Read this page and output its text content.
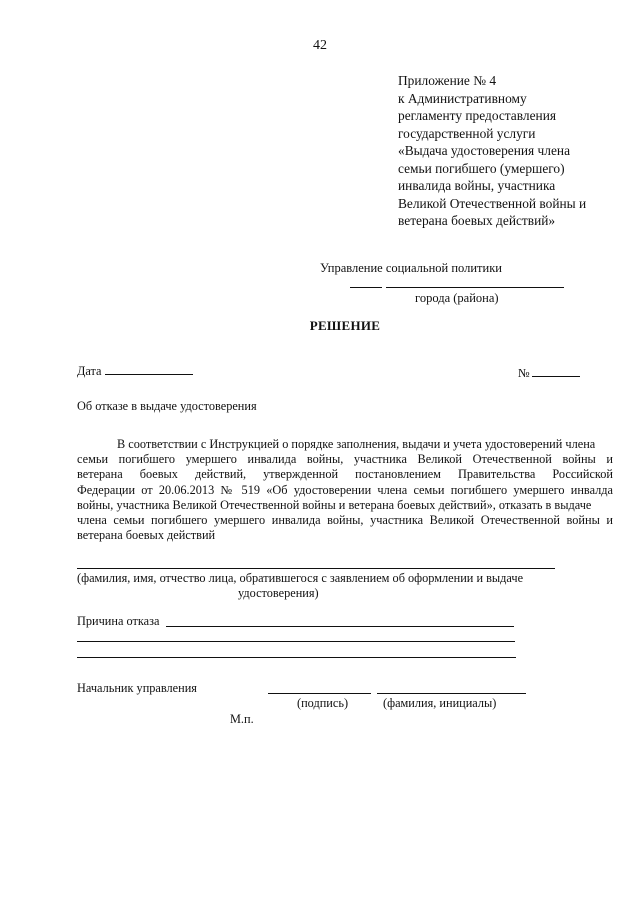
42
Приложение № 4
к Административному
регламенту предоставления
государственной услуги
«Выдача удостоверения члена
семьи погибшего (умершего)
инвалида войны, участника
Великой Отечественной войны и
ветерана боевых действий»
Управление социальной политики
города (района)
РЕШЕНИЕ
Дата	№
Об отказе в выдаче удостоверения
В соответствии с Инструкцией о порядке заполнения, выдачи и учета удостоверений члена
семьи погибшего умершего инвалида войны, участника Великой Отечественной войны и
ветерана боевых действий, утвержденной постановлением Правительства Российской
Федерации от 20.06.2013 № 519 «Об удостоверении члена семьи погибшего умершего инвалда
войны, участника Великой Отечественной войны и ветерана боевых действий», отказать в выдаче
члена семьи погибшего умершего инвалида войны, участника Великой Отечественной войны и
ветерана боевых действий
(фамилия, имя, отчество лица, обратившегося с заявлением об оформлении и выдаче
удостоверения)
Причина отказа
Начальник управления
(подпись)	(фамилия, инициалы)
М.п.
